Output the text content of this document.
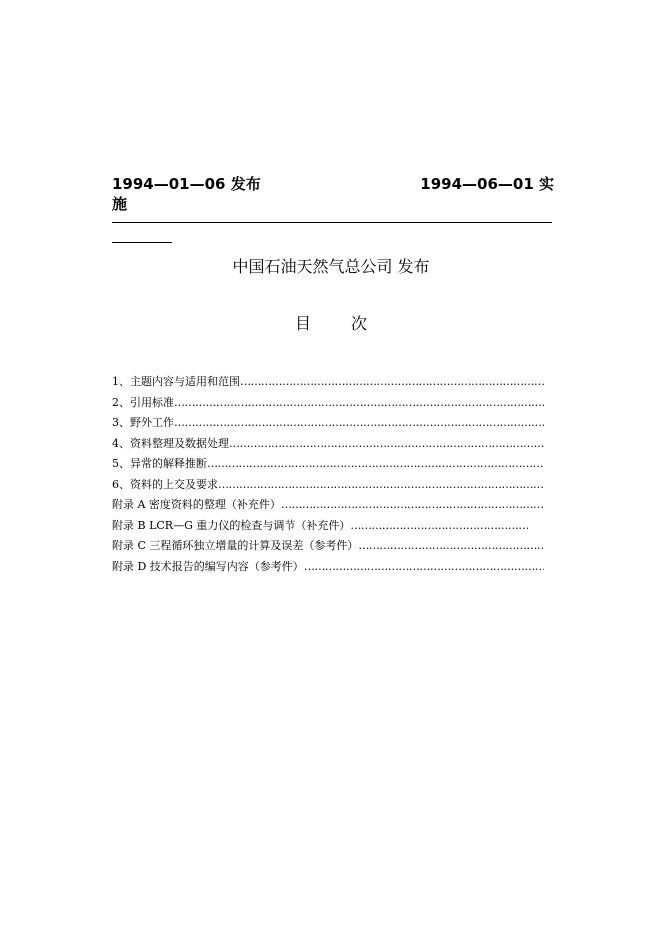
1994—01—06 发布	1994—06—01 实
施
中国石油天然气总公司 发布
目次
1、 主题内容与适用和范围
……………………………………………………………………………………………………………………………………………
2、 引用标准
……………………………………………………………………………………………………………………………………………
3、 野外工作
……………………………………………………………………………………………………………………………………………
4、 资料整理及数据处理
……………………………………………………………………………………………………………………………………………
5、 异常的解释推断
……………………………………………………………………………………………………………………………………………
6、 资料的上交及要求
……………………………………………………………………………………………………………………………………………
附录 A 密度资料的整理（补充件）
……………………………………………………………………………………………………………………………………………
附录 B LCR—G 重力仪的检查与调节（补充件）
……………………………………………………………………………………………………………………………………………
附录 C 三程循环独立增量的计算及误差（参考件）
……………………………………………………………………………………………………………………………………………
附录 D 技术报告的编写内容（参考件）
……………………………………………………………………………………………………………………………………………
